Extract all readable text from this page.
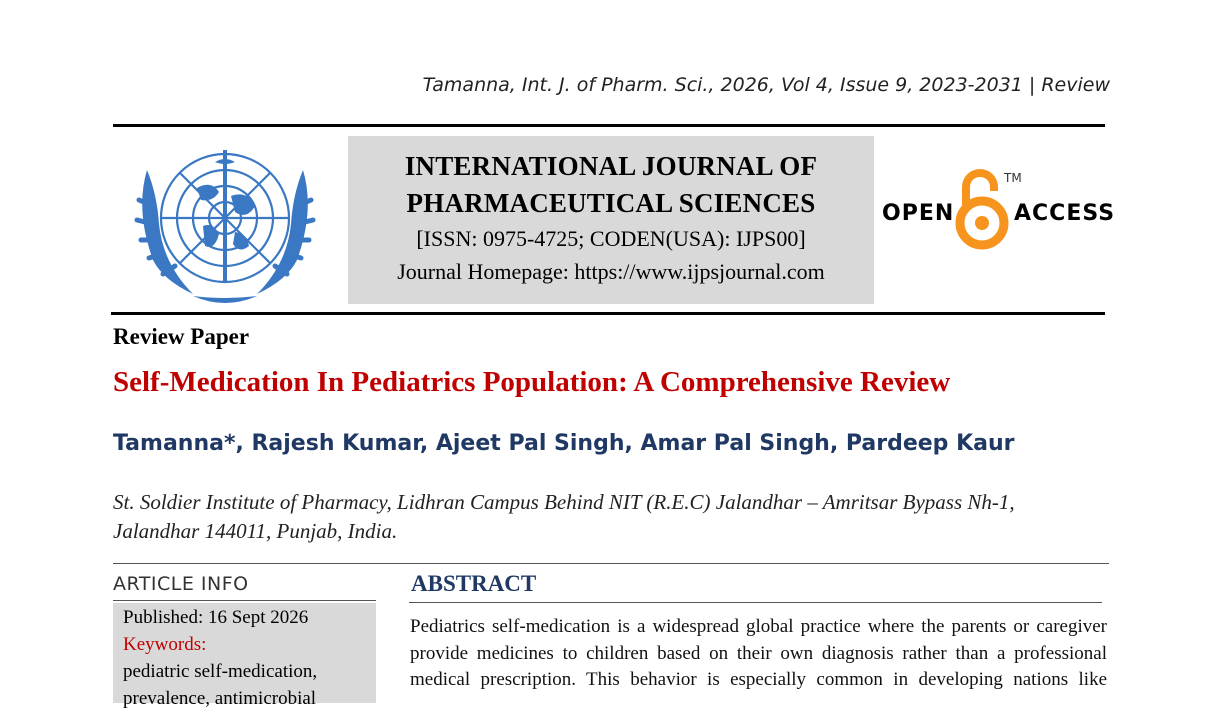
Tamanna, Int. J. of Pharm. Sci., 2026, Vol 4, Issue 9, 2023-2031 | Review
INTERNATIONAL JOURNAL OF
PHARMACEUTICAL SCIENCES
[ISSN: 0975-4725; CODEN(USA): IJPS00]
Journal Homepage: https://www.ijpsjournal.com
OPEN
TM
ACCESS
Review Paper
Self-Medication In Pediatrics Population: A Comprehensive Review
Tamanna*, Rajesh Kumar, Ajeet Pal Singh, Amar Pal Singh, Pardeep Kaur
St. Soldier Institute of Pharmacy, Lidhran Campus Behind NIT (R.E.C) Jalandhar – Amritsar Bypass Nh-1,
Jalandhar 144011, Punjab, India.
ARTICLE INFO
Published: 16 Sept 2026
Keywords:
pediatric self-medication,
prevalence, antimicrobial
ABSTRACT
Pediatrics self-medication is a widespread global practice where the parents or caregiver
provide medicines to children based on their own diagnosis rather than a professional
medical prescription. This behavior is especially common in developing nations like
